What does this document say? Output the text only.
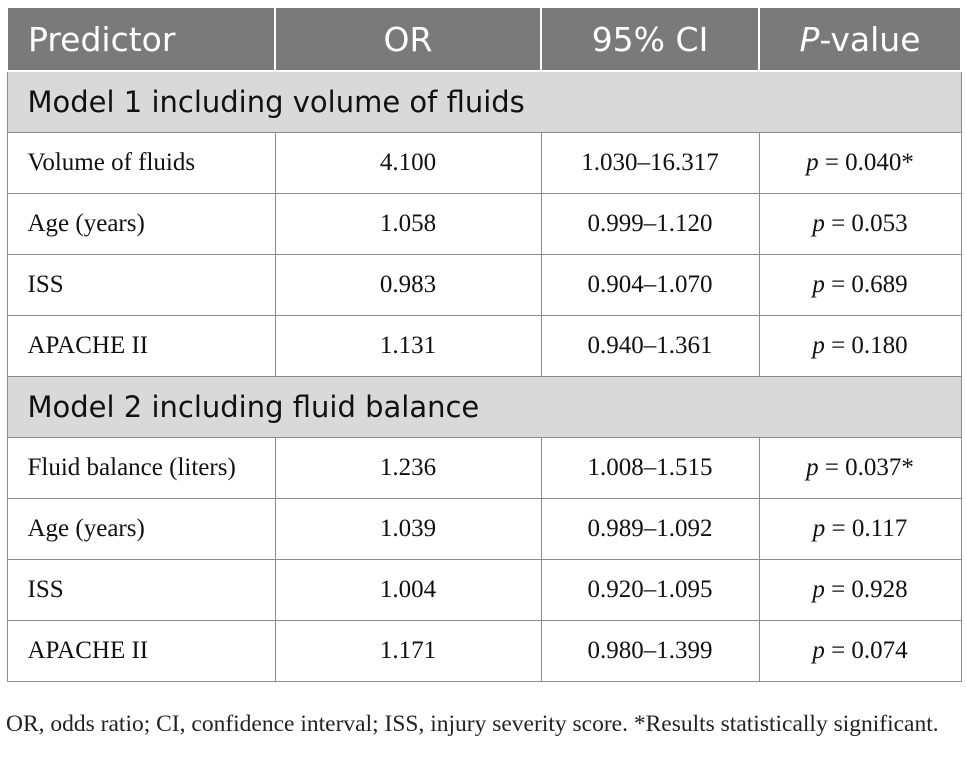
Predictor	OR	95% CI	P-value
Model 1 including volume of fluids			
Volume of fluids	4.100	1.030–16.317	p = 0.040*
Age (years)	1.058	0.999–1.120	p = 0.053
ISS	0.983	0.904–1.070	p = 0.689
APACHE II	1.131	0.940–1.361	p = 0.180
Model 2 including fluid balance			
Fluid balance (liters)	1.236	1.008–1.515	p = 0.037*
Age (years)	1.039	0.989–1.092	p = 0.117
ISS	1.004	0.920–1.095	p = 0.928
APACHE II	1.171	0.980–1.399	p = 0.074
OR, odds ratio; CI, confidence interval; ISS, injury severity score. *Results statistically significant.
